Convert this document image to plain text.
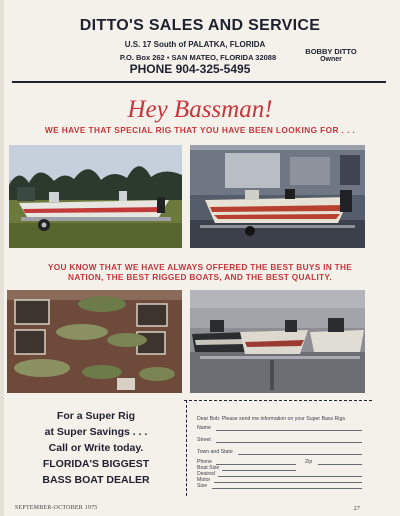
DITTO'S SALES AND SERVICE
U.S. 17 South of PALATKA, FLORIDA
P.O. Box 262 ▪ SAN MATEO, FLORIDA 32088
PHONE 904-325-5495
BOBBY DITTO
Owner
Hey Bassman!
WE HAVE THAT SPECIAL RIG THAT YOU HAVE BEEN LOOKING FOR . . .
YOU KNOW THAT WE HAVE ALWAYS OFFERED THE BEST BUYS IN THE
NATION, THE BEST RIGGED BOATS, AND THE BEST QUALITY.
For a Super Rig
at Super Savings . . .
Call or Write today.
FLORIDA'S BIGGEST
BASS BOAT DEALER
Dear Bob: Please send me information on your Super Bass Rigs.
Name
Street
Town and State
Phone	Zip
Boat Size
Desired
Motor
Size
SEPTEMBER-OCTOBER 1975	27
